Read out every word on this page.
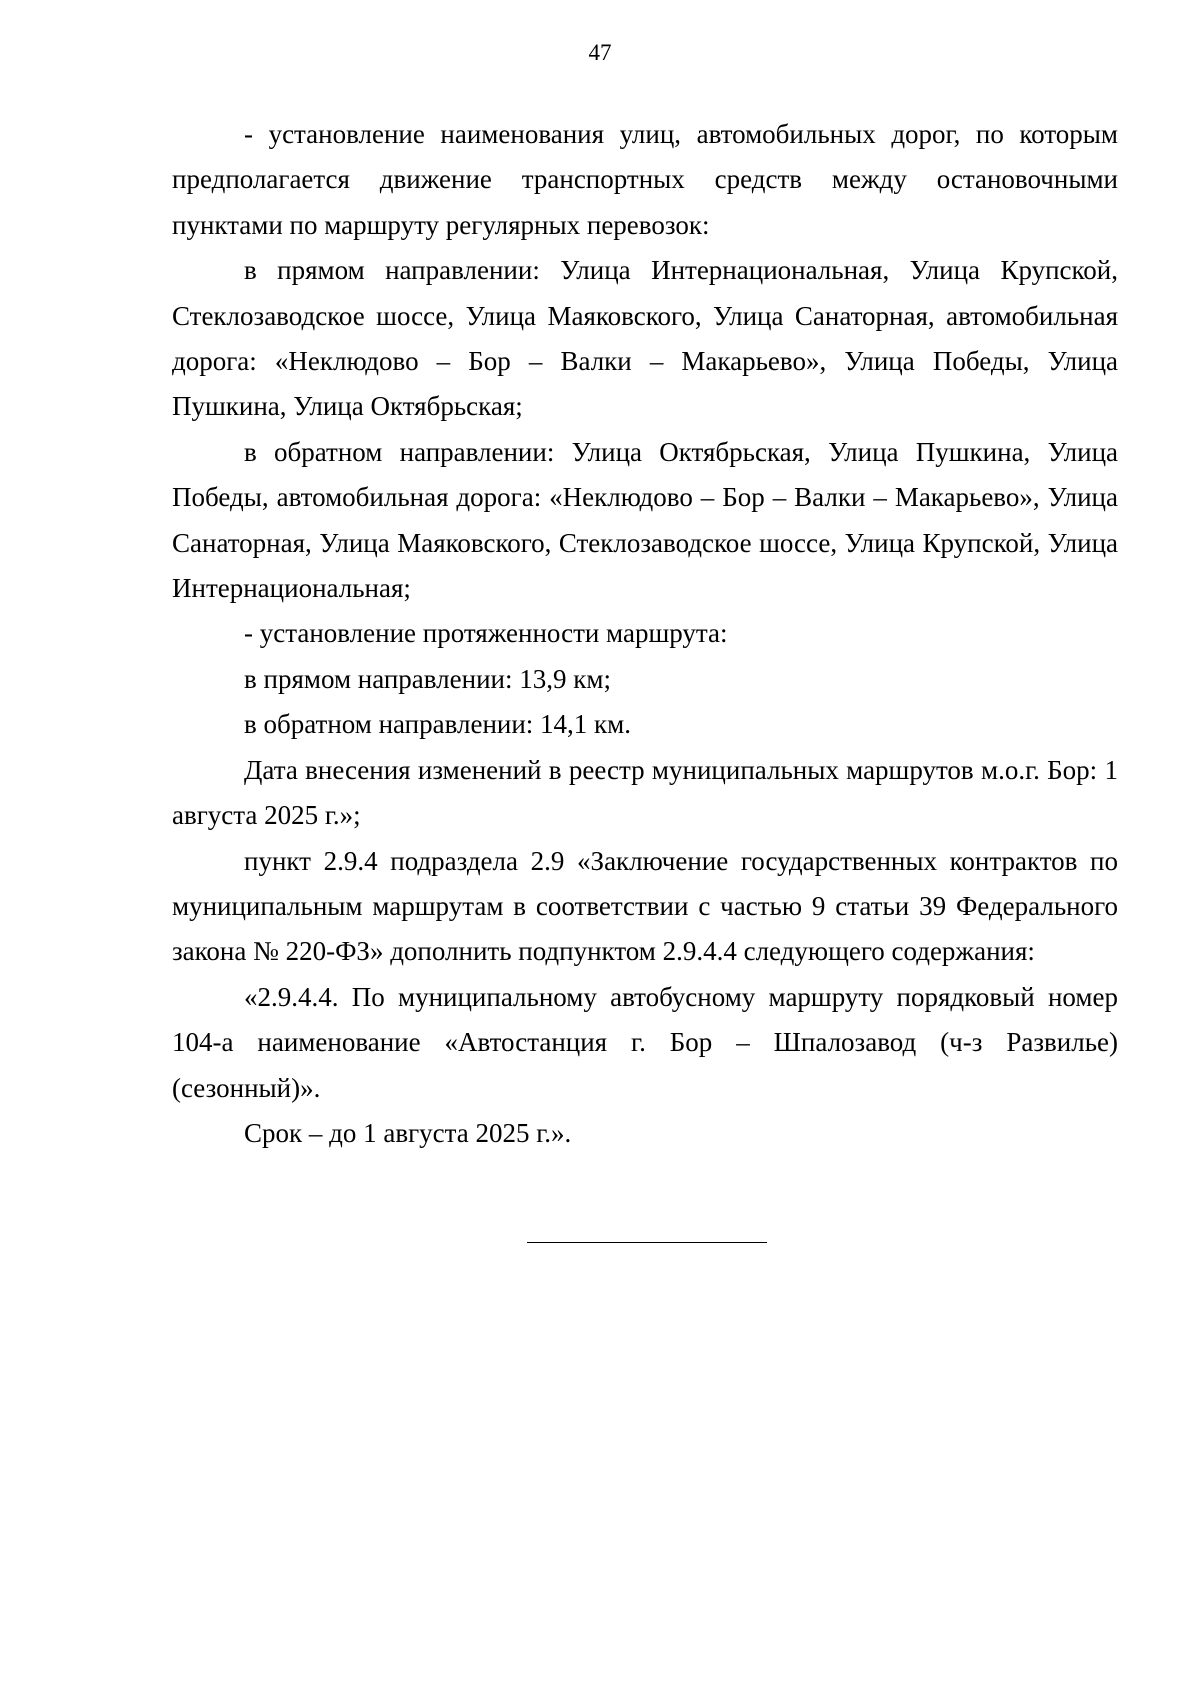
47

- установление наименования улиц, автомобильных дорог, по которым предполагается движение транспортных средств между остановочными пунктами по маршруту регулярных перевозок:

в прямом направлении: Улица Интернациональная, Улица Крупской, Стеклозаводское шоссе, Улица Маяковского, Улица Санаторная, автомобильная дорога: «Неклюдово – Бор – Валки – Макарьево», Улица Победы, Улица Пушкина, Улица Октябрьская;

в обратном направлении: Улица Октябрьская, Улица Пушкина, Улица Победы, автомобильная дорога: «Неклюдово – Бор – Валки – Макарьево», Улица Санаторная, Улица Маяковского, Стеклозаводское шоссе, Улица Крупской, Улица Интернациональная;

- установление протяженности маршрута:

в прямом направлении: 13,9 км;

в обратном направлении: 14,1 км.

Дата внесения изменений в реестр муниципальных маршрутов м.о.г. Бор: 1 августа 2025 г.»;

пункт 2.9.4 подраздела 2.9 «Заключение государственных контрактов по муниципальным маршрутам в соответствии с частью 9 статьи 39 Федерального закона № 220-ФЗ» дополнить подпунктом 2.9.4.4 следующего содержания:

«2.9.4.4. По муниципальному автобусному маршруту порядковый номер 104-а наименование «Автостанция г. Бор – Шпалозавод (ч-з Развилье) (сезонный)».

Срок – до 1 августа 2025 г.».
